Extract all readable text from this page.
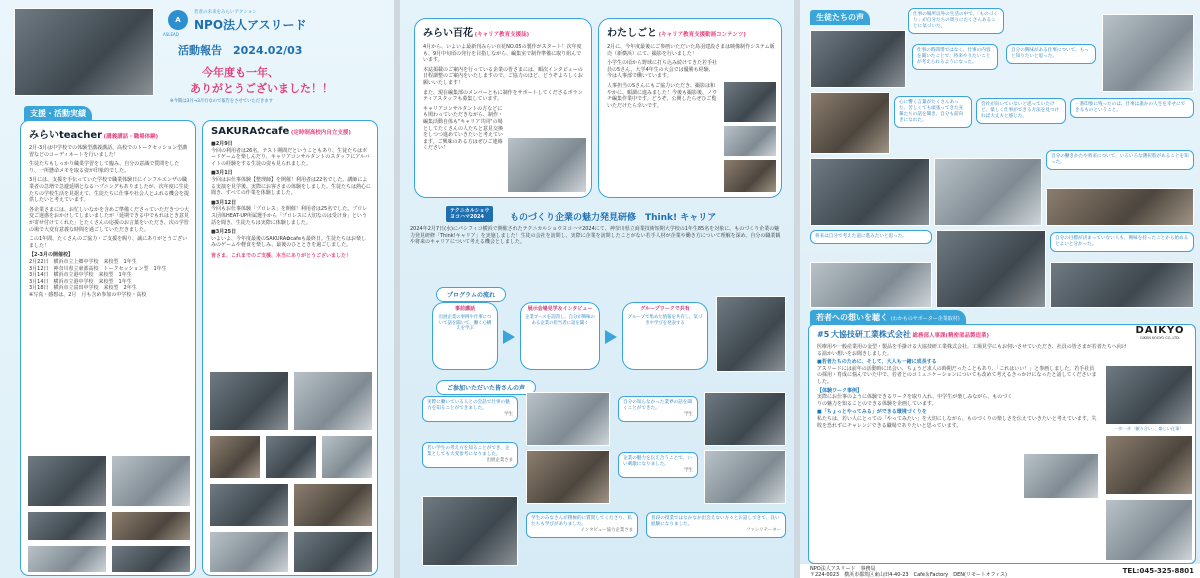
A
ASLEAD
若者の未来をみらいアクション
NPO法人アスリード
活動報告　2024.02/03
今年度も一年、
ありがとうございました！！
※今期は3月→3月行なので報告をさせていただきます
支援・活動実績
みらいteacher (講義講話・職場体験)

2月-3月は中学校での体験型講義講話、高校でのトークセッション型講習などのコーディネートを行いました！

生徒たちもしっかり職業学習をして臨み、自分の意識で質問をしたり、一所懸命メモを取る姿が印象的でした。

3月には、支援を手伝っていた学校で職業体験日にインフルエンザの職業者の急増で急遽延期となるハプニングもありましたが、次年度に生徒たちの学校生活を見据えて、生徒たちに仕事や社会人とふれる機会を提供したいと考えています。

各企業さまには、お忙しいなかを含めご準備くださっていただきつつ大変ご迷惑をおかけしてしまいましたが「延期できる中でもれはとき意見が寄せ付けてくれた」とたくさんの応援のお言葉をいただき、次の学習の場で大変有意義な時間を過ごしていただきました。

この1年間、たくさんのご協力・ご支援を賜り、誠にありがとうございました！

【2-3月の開催校】

2月22日　横浜市立上郷中学校　来校型　1年生

3月12日　神奈川県立東部高校　トークセッション型　1年生

3月14日　横浜市立港中学校　来校型　1年生

3月14日　横浜市立港中学校　来校型　1年生

3月18日　横浜市立富田中学校　来校型　2年生

※写真・感想は、2月　月も含め参加の中学校・高校

SAKURA✿cafe (定時制高校内自立支援)

■2月9日

今回の利用者は26名。テスト期間だということもあり、生徒たちはボードゲームを楽しんだり、キャリアコンサルタントのスタッフにアルバイトの経験をする生徒の姿も見られました。

■3月1日

今回はお仕事体験【整理師】を開催！利用者は22名でした。講師による実演を見学後、実際にお客さまの体験をしました。生徒たちは熱心に聞き、すべての作業を体験しました。

■3月12日

今回もお仕事体験「プロレス」を開催！利用者は25名でした。プロレス団体HEAT-UP所属選手から「プロレスに大切なのは受け身」という話を聞き、生徒たちは実際に体験しました。

■3月25日

いよいよ、今年度最後のSAKURA✿cafeも最終日。生徒たちはお楽しみのゲームや軽食を楽しみ、最後のひとときを過ごしました。

皆さま、これまでのご支援、本当にありがとうございました！

みらい百花 (キャリア教育支援誌)

4月から、いよいよ最新刊みらい百花NO.05の製作がスタート！次年度も、9月中旬頃の発行を目指しながら、編集室で制作準備に取り組んでいます。

本誌掲載のご案内を行っている企業の皆さまには、順次インタビューの日程調整のご案内をいたしますので、ご協力のほど、どうぞよろしくお願いいたします！

また、現在編集部のメンバーともに制作をサポートしてくださるボランティアスタッフも募集しています。

キャリアコンサルタントの方などにも関わっていただきながら、制作・編集活動自体も"キャリア共同"の場としてたくさんの人たちと意見交換をしつつ進めていきたいと考えています。ご興味のある方はぜひご連絡ください！

わたしごと (キャリア教育支援動画コンテンツ)

2月に、今年度最後にご参画いただいた鳥羽建設さまは映像制作システム販売（新横浜）にて、撮影を行いました！

小学生の頃から野球に打ち込み続けてきた若手社員の5さん。大学4年生の大会では優勝も経験、今は人事部で働いています。

人事担当のSさんにもご協力いただき、撮影は和やかに、順調に進みました！今後も撮影後、ノウチ編集作業中です。どうぞ、公開したらぜひご覧いただけたら幸いです。

テクニカルショウ
ヨコハマ2024	ものづくり企業の魅力発見研修　Think! キャリア

2024年2月7日(水)にパシフィコ横浜で開催されたテクニカルショウヨコハマ2024にて、神奈川県立商業技術短期大学校の1年生85名を対象に、ものづくり企業の魅力発見研修「Think!キャリア」を実施しました！生徒の会社を訪問し、実際に企業を訪問したことがない若手人材が企業や働き方について理解を深め、自分の職業観や将来のキャリアについて考える機会としました。

プログラムの流れ
事前講話
出展企業の事例や仕事について話を聞いて、働く心構えを学ぶ
展示会場見学＆インタビュー
企業ブースを訪問し、自分が興味のある企業の担当者に話を聞く
グループワークで共有
グループで集めた情報を共有し、気づきや学びを発表する
ご参加いただいた皆さんの声
実際に働いている人との会話で仕事の魅力を知ることができました。
学生
自分の知らなかった業界の話を聞くことができた。
学生
若い学生の考え方を知ることができ、企業としても大変参考になりました。
出展企業さま	企業の魅力を伝え合うことで、いい刺激になりました。
学生
学生のみなさんが積極的に質問してくださり、私たちも学びがありました。
インタビュー協力企業さま
普段の授業ではなかなか出会えない方々とお話しできて、良い経験になりました。
ファシリテーター
生徒たちの声	仕事の場所以外の生活の中で、「ものづくり」が自分たちの周りにたくさんあることに気づいた。
仕事の時間帯ではなく、仕事の内容を聞いたことで、将来やりたいことが考えられるようになった。
自分の興味がある仕事について、もっと知りたいと思った。
心に響く言葉がたくさんあった。苦しくても頑張ってきた先輩たちの話を聞き、自分も前向きになれた。
会社が向いていないと思っていたけど、楽しく仕事ができる方法を見つければ大丈夫と感じた。
一番印象に残ったのは、仕事は誰かの人生を幸せにできるものということ。
自分の働きかたや将来について、いろいろな選択肢があることを知った。
将来は自分で考えた道に進みたいと思った。	自分の目標が決まっていない人も、興味を持ったことから始めるとよいと分かった。
若者への想いを聴く (わかものサポーター企業取材)
#5 大協技研工業株式会社 総務部人事課(精密部品製造業)

医療用や一般産業用の金型・製品を手掛ける大協技研工業株式会社。工場見学にもお伺いさせていただき、社員の皆さまが若者たちへ向ける温かい想いをお聞きしました。

■若者たちのために、そして、大人も一緒に成長する

アスリードには前年の活動時に出会い、ちょうど求人の時期だったこともあり、「これはいい！」と参画しました。若手社員の採用・育成に悩んでいた中で、若者とのコミュニケーションについても改めて考えるきっかけになったと話してくださいました。

【体験ワーク事例】

実際にお仕事のように体験できるワークを取り入れ、中学生が楽しみながら、ものづくりの魅力を知ることのできる体験を企画しています。

■「ちょっとやってみる」ができる環境づくりを

私たちは、若い人にとっての「やってみたい」を大切にしながら、ものづくりの楽しさを伝えていきたいと考えています。失敗を恐れずにチャレンジできる職場でありたいと思っています。

DAIKYO
GIKEN KOGYO CO.,LTD.
一歩一歩「頼り合い」、楽しい仕事！
NPO法人アスリード　事務局
〒224-0023　横浜市都筑区東山田4-40-23　Café＆Factory　DEN(リモートオフィス)	TEL:045-325-8801
